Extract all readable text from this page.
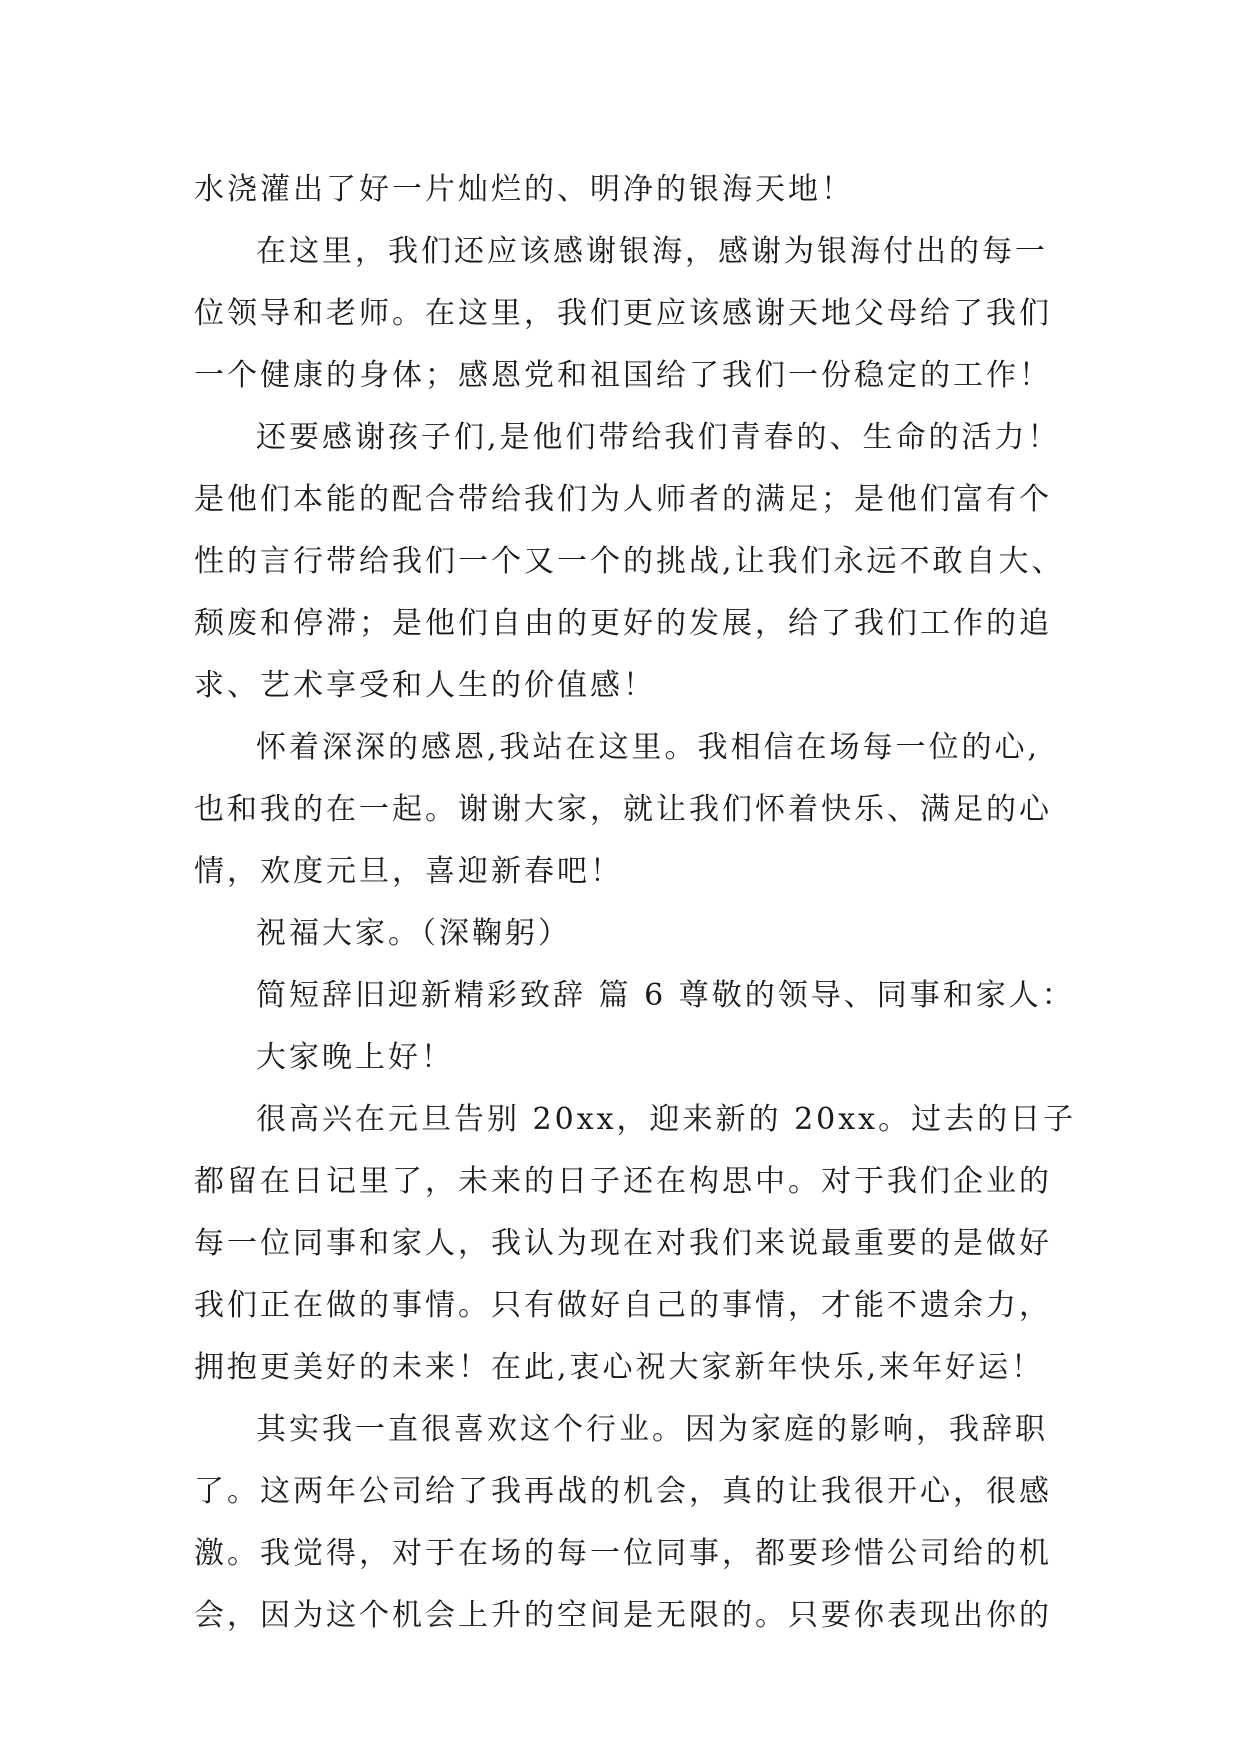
水浇灌出了好一片灿烂的、明净的银海天地！
在这里，我们还应该感谢银海，感谢为银海付出的每一
位领导和老师。在这里，我们更应该感谢天地父母给了我们
一个健康的身体；感恩党和祖国给了我们一份稳定的工作！
还要感谢孩子们,是他们带给我们青春的、生命的活力！
是他们本能的配合带给我们为人师者的满足；是他们富有个
性的言行带给我们一个又一个的挑战,让我们永远不敢自大、
颓废和停滞；是他们自由的更好的发展，给了我们工作的追
求、艺术享受和人生的价值感！
怀着深深的感恩,我站在这里。我相信在场每一位的心,
也和我的在一起。谢谢大家，就让我们怀着快乐、满足的心
情，欢度元旦，喜迎新春吧！
祝福大家。（深鞠躬）
简短辞旧迎新精彩致辞 篇 6 尊敬的领导、同事和家人：
大家晚上好！
很高兴在元旦告别 20xx，迎来新的 20xx。过去的日子
都留在日记里了，未来的日子还在构思中。对于我们企业的
每一位同事和家人，我认为现在对我们来说最重要的是做好
我们正在做的事情。只有做好自己的事情，才能不遗余力，
拥抱更美好的未来！在此,衷心祝大家新年快乐,来年好运！
其实我一直很喜欢这个行业。因为家庭的影响，我辞职
了。这两年公司给了我再战的机会，真的让我很开心，很感
激。我觉得，对于在场的每一位同事，都要珍惜公司给的机
会，因为这个机会上升的空间是无限的。只要你表现出你的
